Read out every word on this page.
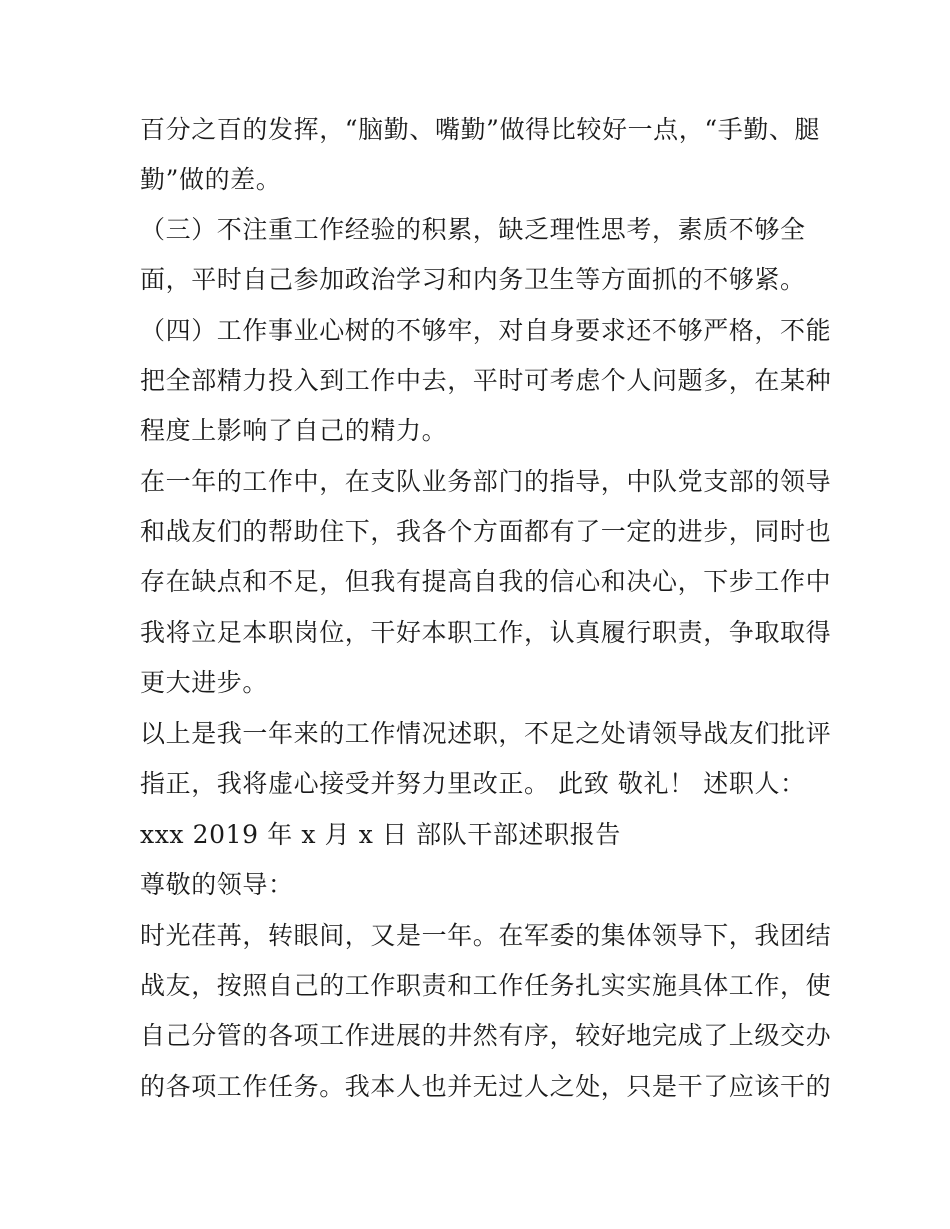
百分之百的发挥，“脑勤、嘴勤”做得比较好一点，“手勤、腿

勤”做的差。

（三）不注重工作经验的积累，缺乏理性思考，素质不够全

面，平时自己参加政治学习和内务卫生等方面抓的不够紧。

（四）工作事业心树的不够牢，对自身要求还不够严格，不能

把全部精力投入到工作中去，平时可考虑个人问题多，在某种

程度上影响了自己的精力。

在一年的工作中，在支队业务部门的指导，中队党支部的领导

和战友们的帮助住下，我各个方面都有了一定的进步，同时也

存在缺点和不足，但我有提高自我的信心和决心，下步工作中

我将立足本职岗位，干好本职工作，认真履行职责，争取取得

更大进步。

以上是我一年来的工作情况述职，不足之处请领导战友们批评

指正，我将虚心接受并努力里改正。 此致 敬礼！ 述职人：

xxx 2019 年 x 月 x 日 部队干部述职报告

尊敬的领导：

时光荏苒，转眼间，又是一年。在军委的集体领导下，我团结

战友，按照自己的工作职责和工作任务扎实实施具体工作，使

自己分管的各项工作进展的井然有序，较好地完成了上级交办

的各项工作任务。我本人也并无过人之处，只是干了应该干的
